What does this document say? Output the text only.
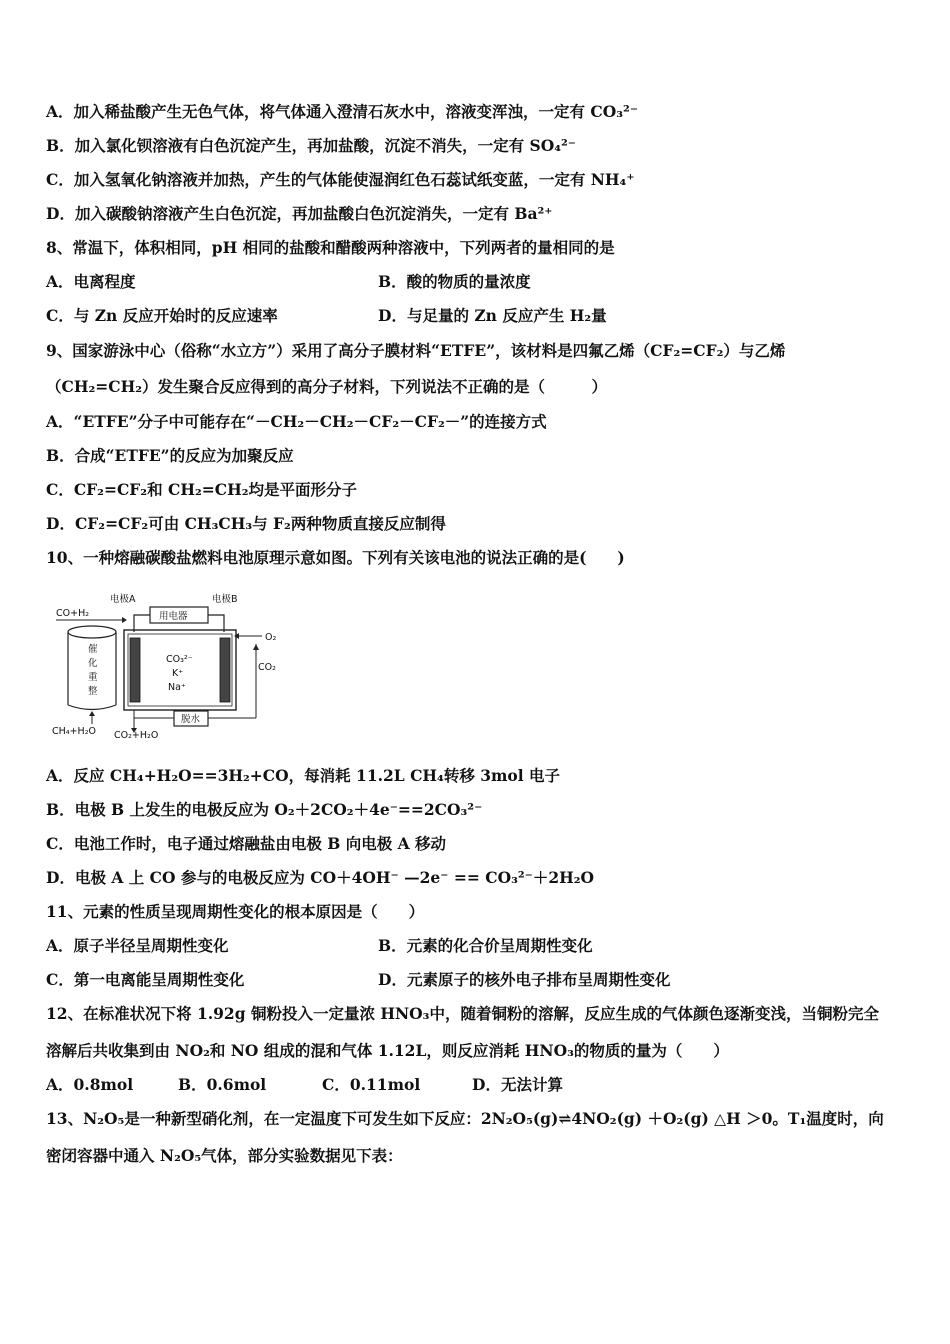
A．加入稀盐酸产生无色气体，将气体通入澄清石灰水中，溶液变浑浊，一定有 CO₃²⁻
B．加入氯化钡溶液有白色沉淀产生，再加盐酸，沉淀不消失，一定有 SO₄²⁻
C．加入氢氧化钠溶液并加热，产生的气体能使湿润红色石蕊试纸变蓝，一定有 NH₄⁺
D．加入碳酸钠溶液产生白色沉淀，再加盐酸白色沉淀消失，一定有 Ba²⁺
8、常温下，体积相同，pH 相同的盐酸和醋酸两种溶液中，下列两者的量相同的是
A．电离程度	B．酸的物质的量浓度
C．与 Zn 反应开始时的反应速率	D．与足量的 Zn 反应产生 H₂量
9、国家游泳中心（俗称“水立方”）采用了高分子膜材料“ETFE”，该材料是四氟乙烯（CF₂=CF₂）与乙烯
（CH₂=CH₂）发生聚合反应得到的高分子材料，下列说法不正确的是（　　　）
A．“ETFE”分子中可能存在“－CH₂－CH₂－CF₂－CF₂－”的连接方式
B．合成“ETFE”的反应为加聚反应
C．CF₂=CF₂和 CH₂=CH₂均是平面形分子
D．CF₂=CF₂可由 CH₃CH₃与 F₂两种物质直接反应制得
10、一种熔融碳酸盐燃料电池原理示意如图。下列有关该电池的说法正确的是(　　)
催
化
重
整
CO+H₂
电极A	电极B
用电器
CO₃²⁻
K⁺
Na⁺
O₂
CO₂
脱水
CH₄+H₂O CO₂+H₂O
A．反应 CH₄+H₂O==3H₂+CO，每消耗 11.2L CH₄转移 3mol 电子
B．电极 B 上发生的电极反应为 O₂＋2CO₂＋4e⁻==2CO₃²⁻
C．电池工作时，电子通过熔融盐由电极 B 向电极 A 移动
D．电极 A 上 CO 参与的电极反应为 CO＋4OH⁻ —2e⁻ == CO₃²⁻＋2H₂O
11、元素的性质呈现周期性变化的根本原因是（　　）
A．原子半径呈周期性变化	B．元素的化合价呈周期性变化
C．第一电离能呈周期性变化	D．元素原子的核外电子排布呈周期性变化
12、在标准状况下将 1.92g 铜粉投入一定量浓 HNO₃中，随着铜粉的溶解，反应生成的气体颜色逐渐变浅，当铜粉完全
溶解后共收集到由 NO₂和 NO 组成的混和气体 1.12L，则反应消耗 HNO₃的物质的量为（　　）
A．0.8mol	B．0.6mol	C．0.11mol	D．无法计算
13、N₂O₅是一种新型硝化剂，在一定温度下可发生如下反应：2N₂O₅(g)⇌4NO₂(g) ＋O₂(g) △H ＞0。T₁温度时，向
密闭容器中通入 N₂O₅气体，部分实验数据见下表：
